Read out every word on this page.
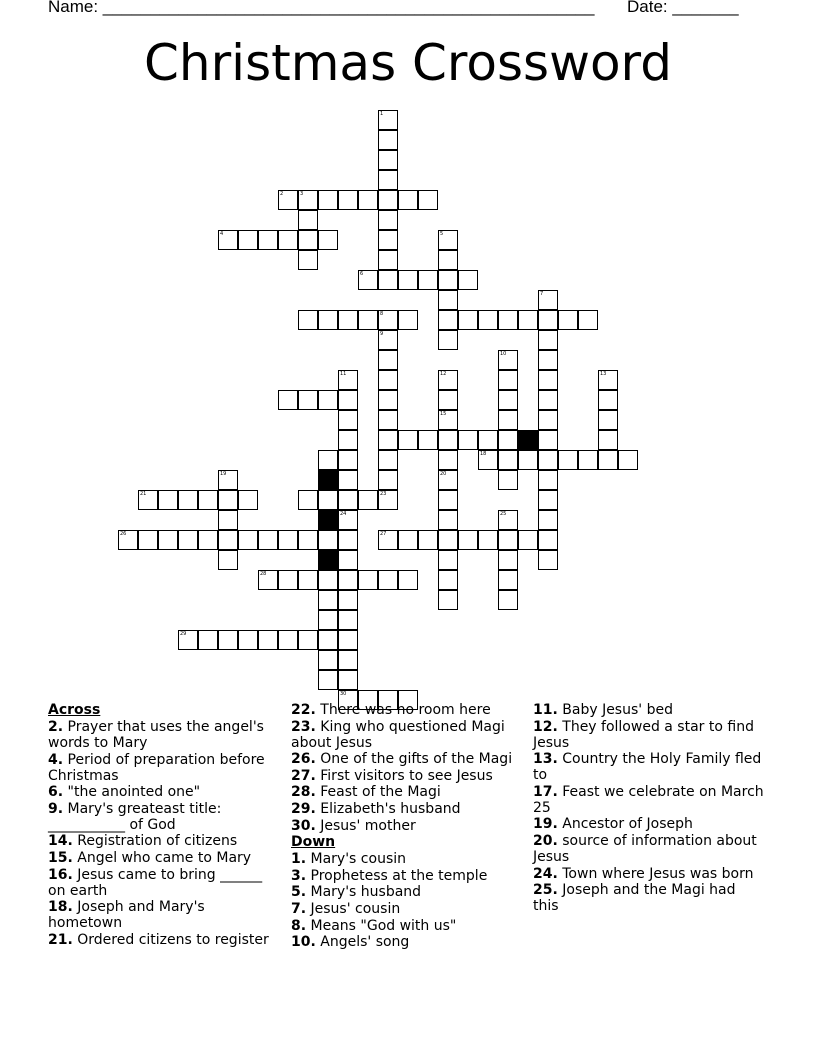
Name: ____________________________________________________ Date: _______
Christmas Crossword
2	3
4
6
8
18
21	23
26	27
28
29
30
1
5
7
9
10
11
24
12
15
13
19	20
25
Across
2. Prayer that uses the angel's words to Mary
4. Period of preparation before Christmas
6. "the anointed one"
9. Mary's greateast title: ___________ of God
14. Registration of citizens
15. Angel who came to Mary
16. Jesus came to bring ______ on earth
18. Joseph and Mary's hometown
21. Ordered citizens to register
22. There was no room here
23. King who questioned Magi about Jesus
26. One of the gifts of the Magi
27. First visitors to see Jesus
28. Feast of the Magi
29. Elizabeth's husband
30. Jesus' mother
Down
1. Mary's cousin
3. Prophetess at the temple
5. Mary's husband
7. Jesus' cousin
8. Means "God with us"
10. Angels' song
11. Baby Jesus' bed
12. They followed a star to find Jesus
13. Country the Holy Family fled to
17. Feast we celebrate on March 25
19. Ancestor of Joseph
20. source of information about Jesus
24. Town where Jesus was born
25. Joseph and the Magi had this
